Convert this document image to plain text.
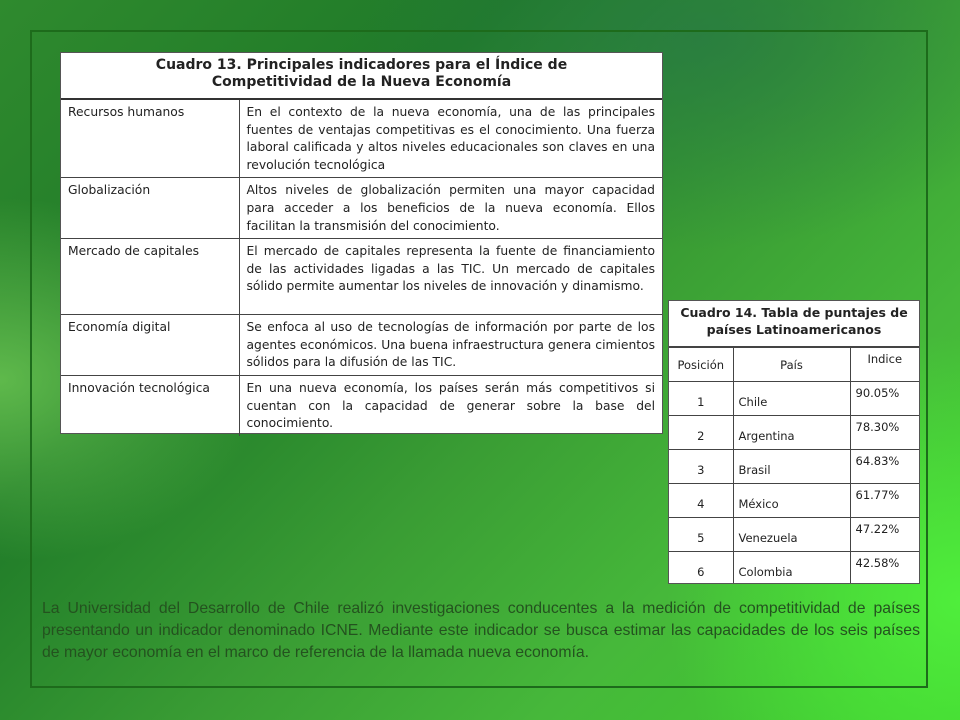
Cuadro 13. Principales indicadores para el Índice de
Competitividad de la Nueva Economía
Recursos humanos	En el contexto de la nueva economía, una de las principales fuentes de ventajas competitivas es el conocimiento. Una fuerza laboral calificada y altos niveles educacionales son claves en una revolución tecnológica
Globalización	Altos niveles de globalización permiten una mayor capacidad para acceder a los beneficios de la nueva economía. Ellos facilitan la transmisión del conocimiento.
Mercado de capitales	El mercado de capitales representa la fuente de financiamiento de las actividades ligadas a las TIC. Un mercado de capitales sólido permite aumentar los niveles de innovación y dinamismo.
Economía digital	Se enfoca al uso de tecnologías de información por parte de los agentes económicos. Una buena infraestructura genera cimientos sólidos para la difusión de las TIC.
Innovación tecnológica	En una nueva economía, los países serán más competitivos si cuentan con la capacidad de generar sobre la base del conocimiento.
Cuadro 14. Tabla de puntajes de
países Latinoamericanos
Posición	País	Indice
1	Chile	90.05%
2	Argentina	78.30%
3	Brasil	64.83%
4	México	61.77%
5	Venezuela	47.22%
6	Colombia	42.58%
La Universidad del Desarrollo de Chile realizó investigaciones conducentes a la medición de competitividad de países presentando un indicador denominado ICNE. Mediante este indicador se busca estimar las capacidades de los seis países de mayor economía en el marco de referencia de la llamada nueva economía.
